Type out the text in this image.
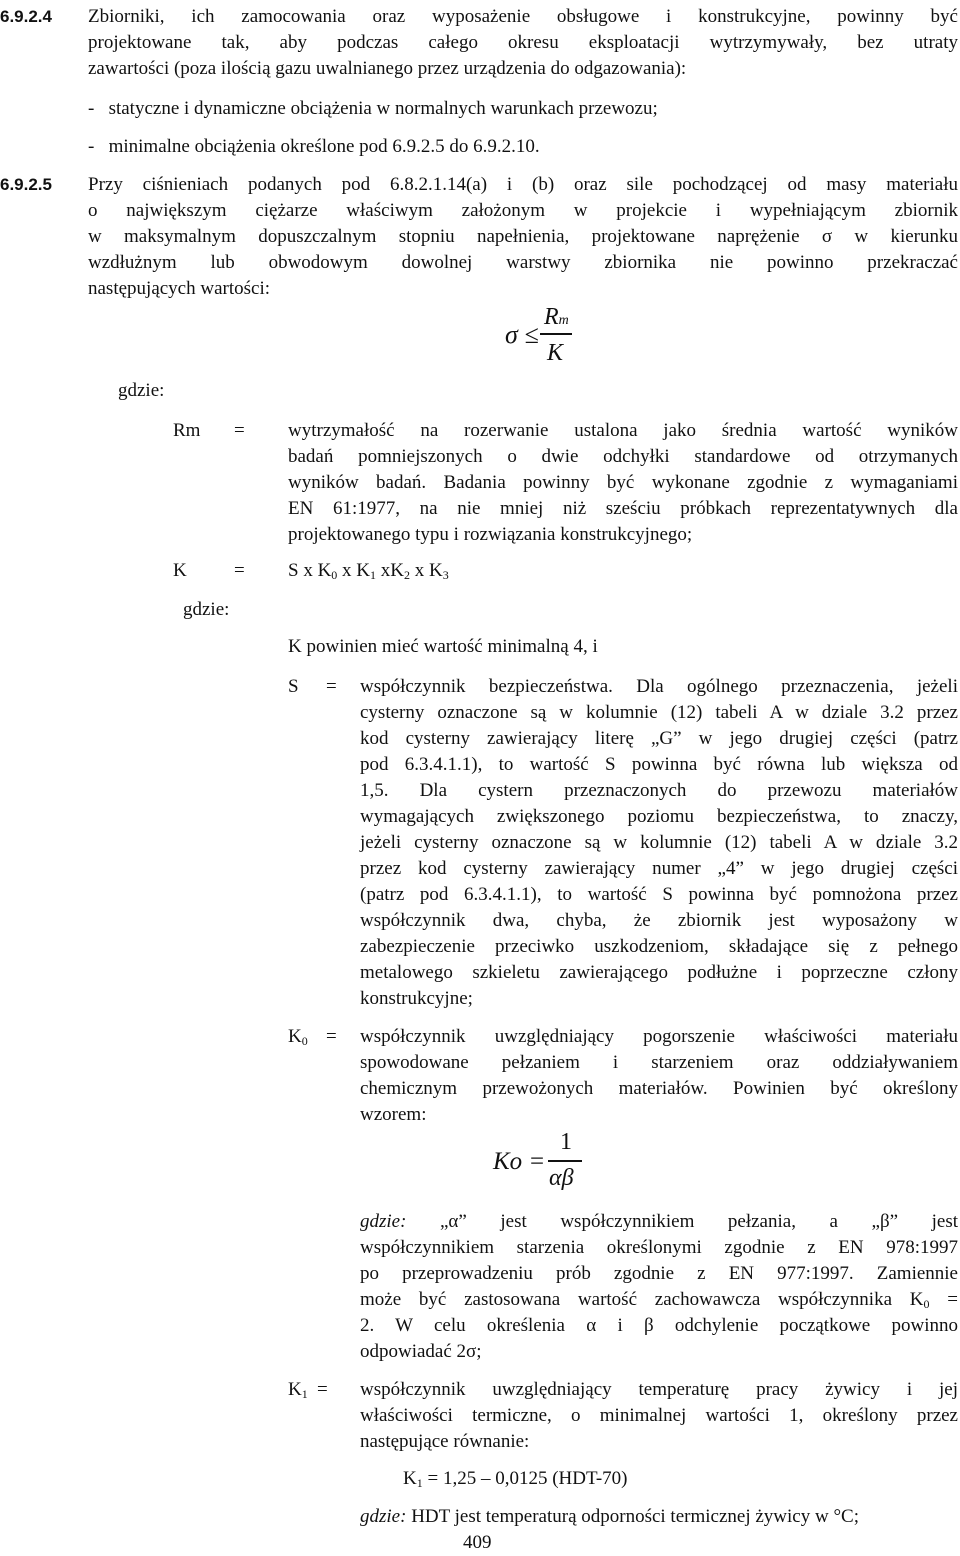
6.9.2.4 Zbiorniki, ich zamocowania oraz wyposażenie obsługowe i konstrukcyjne, powinny być
projektowane tak, aby podczas całego okresu eksploatacji wytrzymywały, bez utraty
zawartości (poza ilością gazu uwalnianego przez urządzenia do odgazowania):
-   statyczne i dynamiczne obciążenia w normalnych warunkach przewozu;
-   minimalne obciążenia określone pod 6.9.2.5 do 6.9.2.10.
6.9.2.5 Przy ciśnieniach podanych pod 6.8.2.1.14(a) i (b) oraz sile pochodzącej od masy materiału
o największym ciężarze właściwym założonym w projekcie i wypełniającym zbiornik
w maksymalnym dopuszczalnym stopniu napełnienia, projektowane naprężenie σ w kierunku
wzdłużnym lub obwodowym dowolnej warstwy zbiornika nie powinno przekraczać
następujących wartości:
σ ≤
Rm
K
gdzie:
Rm = wytrzymałość na rozerwanie ustalona jako średnia wartość wyników
badań pomniejszonych o dwie odchyłki standardowe od otrzymanych
wyników badań. Badania powinny być wykonane zgodnie z wymaganiami
EN 61:1977, na nie mniej niż sześciu próbkach reprezentatywnych dla
projektowanego typu i rozwiązania konstrukcyjnego;
K = S x $K_0$ x $K_1$ $xK_2$ x $K_3$
gdzie:
K powinien mieć wartość minimalną 4, i
S = współczynnik bezpieczeństwa. Dla ogólnego przeznaczenia, jeżeli
cysterny oznaczone są w kolumnie (12) tabeli A w dziale 3.2 przez
kod cysterny zawierający literę „G” w jego drugiej części (patrz
pod 6.3.4.1.1), to wartość S powinna być równa lub większa od
1,5. Dla cystern przeznaczonych do przewozu materiałów
wymagających zwiększonego poziomu bezpieczeństwa, to znaczy,
jeżeli cysterny oznaczone są w kolumnie (12) tabeli A w dziale 3.2
przez kod cysterny zawierający numer „4” w jego drugiej części
(patrz pod 6.3.4.1.1), to wartość S powinna być pomnożona przez
współczynnik dwa, chyba, że zbiornik jest wyposażony w
zabezpieczenie przeciwko uszkodzeniom, składające się z pełnego
metalowego szkieletu zawierającego podłużne i poprzeczne człony
konstrukcyjne;
$K_0$ = współczynnik uwzględniający pogorszenie właściwości materiału
spowodowane pełzaniem i starzeniem oraz oddziaływaniem
chemicznym przewożonych materiałów. Powinien być określony
wzorem:
Ko =
1
αβ
gdzie: „α” jest współczynnikiem pełzania, a „β” jest
współczynnikiem starzenia określonymi zgodnie z EN 978:1997
po przeprowadzeniu prób zgodnie z EN 977:1997. Zamiennie
może być zastosowana wartość zachowawcza współczynnika $K_0$ =
2. W celu określenia α i β odchylenie początkowe powinno
odpowiadać 2σ;
$K_1$ = współczynnik uwzględniający temperaturę pracy żywicy i jej
właściwości termiczne, o minimalnej wartości 1, określony przez
następujące równanie:
$K_1 = 1,25 - 0,0125$ (HDT-70)
gdzie: HDT jest temperaturą odporności termicznej żywicy w °C;
409
